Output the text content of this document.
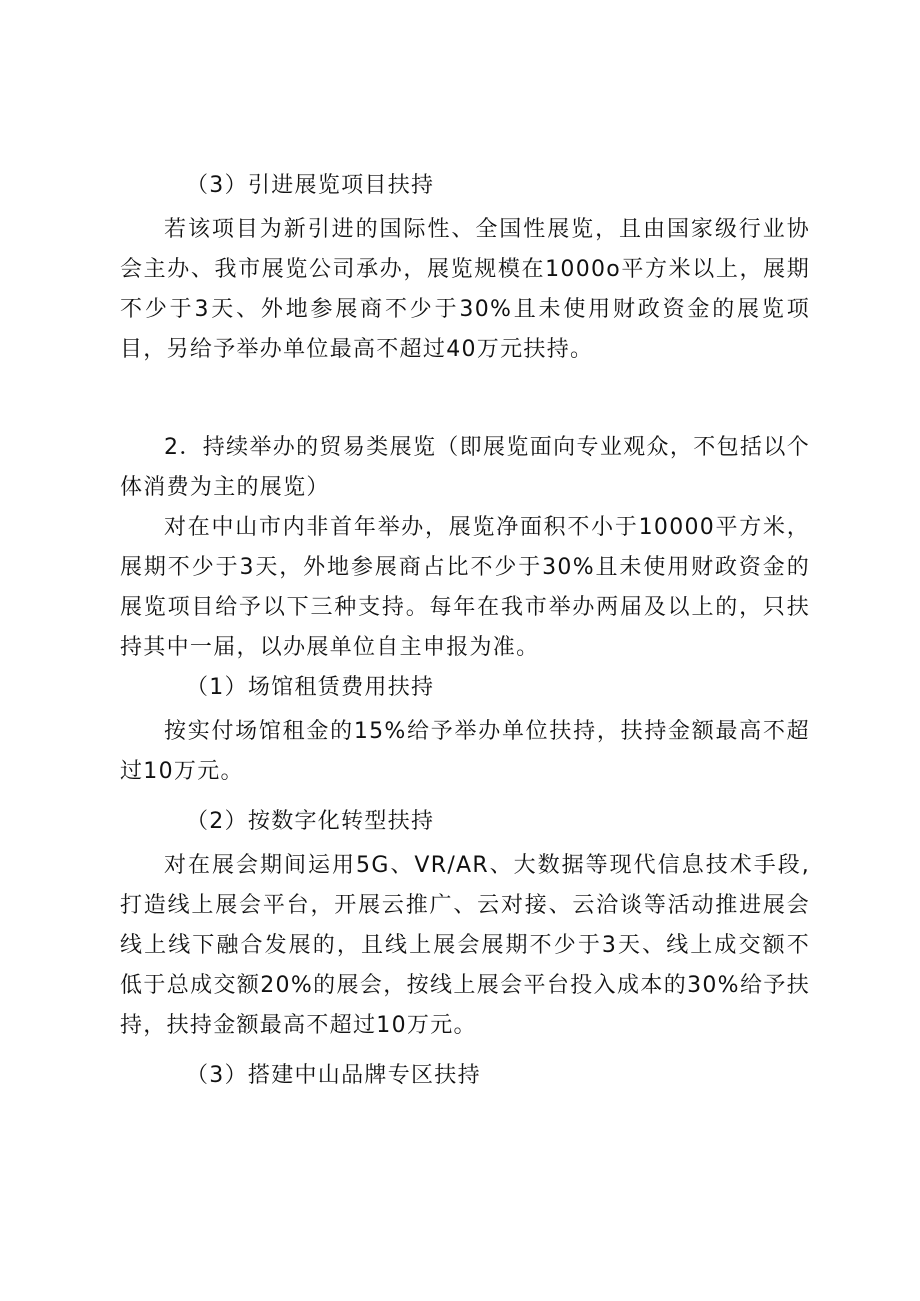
（3）引进展览项目扶持

若该项目为新引进的国际性、全国性展览，且由国家级行业协会主办、我市展览公司承办，展览规模在1000o平方米以上，展期不少于3天、外地参展商不少于30%且未使用财政资金的展览项目，另给予举办单位最高不超过40万元扶持。

2．持续举办的贸易类展览（即展览面向专业观众，不包括以个体消费为主的展览）

对在中山市内非首年举办，展览净面积不小于10000平方米，展期不少于3天，外地参展商占比不少于30%且未使用财政资金的展览项目给予以下三种支持。每年在我市举办两届及以上的，只扶持其中一届，以办展单位自主申报为准。

（1）场馆租赁费用扶持

按实付场馆租金的15%给予举办单位扶持，扶持金额最高不超过10万元。

（2）按数字化转型扶持

对在展会期间运用5G、VR/AR、大数据等现代信息技术手段,打造线上展会平台，开展云推广、云对接、云洽谈等活动推进展会线上线下融合发展的，且线上展会展期不少于3天、线上成交额不低于总成交额20%的展会，按线上展会平台投入成本的30%给予扶持，扶持金额最高不超过10万元。

（3）搭建中山品牌专区扶持
